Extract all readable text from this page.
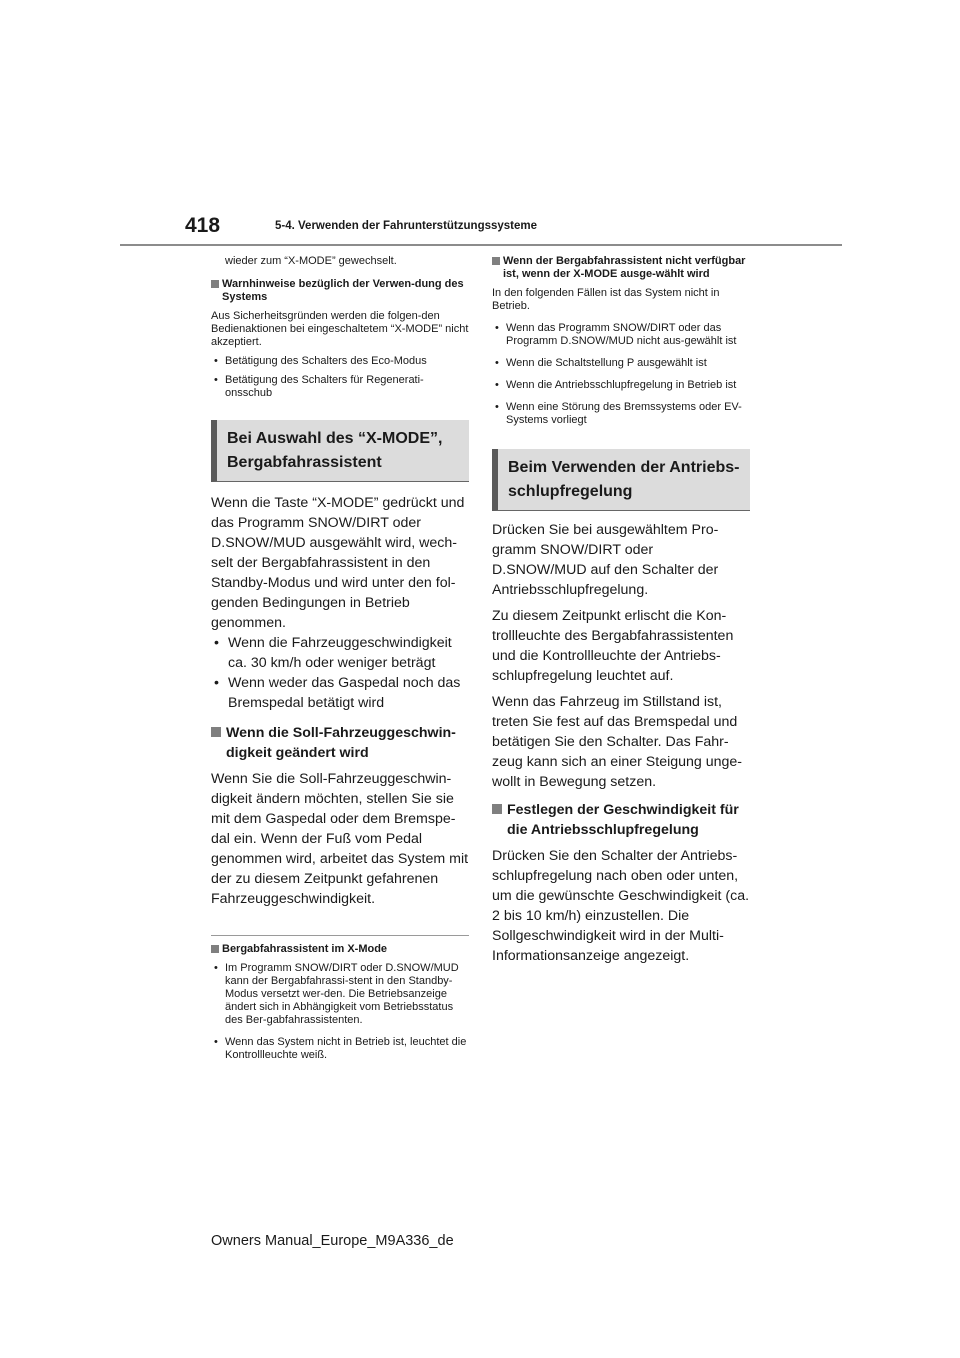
418	5-4. Verwenden der Fahrunterstützungssysteme
wieder zum “X-MODE” gewechselt.
Warnhinweise bezüglich der Verwen-dung des Systems
Aus Sicherheitsgründen werden die folgen-den Bedienaktionen bei eingeschaltetem “X-MODE” nicht akzeptiert.
• Betätigung des Schalters des Eco-Modus
• Betätigung des Schalters für Regenerati-onsschub
Bei Auswahl des “X-MODE”, Bergabfahrassistent
Wenn die Taste “X-MODE” gedrückt und das Programm SNOW/DIRT oder D.SNOW/MUD ausgewählt wird, wech-selt der Bergabfahrassistent in den Standby-Modus und wird unter den fol-genden Bedingungen in Betrieb genommen.
• Wenn die Fahrzeuggeschwindigkeit ca. 30 km/h oder weniger beträgt
• Wenn weder das Gaspedal noch das Bremspedal betätigt wird
Wenn die Soll-Fahrzeuggeschwin-digkeit geändert wird
Wenn Sie die Soll-Fahrzeuggeschwin-digkeit ändern möchten, stellen Sie sie mit dem Gaspedal oder dem Bremspe-dal ein. Wenn der Fuß vom Pedal genommen wird, arbeitet das System mit der zu diesem Zeitpunkt gefahrenen Fahrzeuggeschwindigkeit.
Bergabfahrassistent im X-Mode
• Im Programm SNOW/DIRT oder D.SNOW/MUD kann der Bergabfahrassi-stent in den Standby-Modus versetzt wer-den. Die Betriebsanzeige ändert sich in Abhängigkeit vom Betriebsstatus des Ber-gabfahrassistenten.
• Wenn das System nicht in Betrieb ist, leuchtet die Kontrollleuchte weiß.
Wenn der Bergabfahrassistent nicht verfügbar ist, wenn der X-MODE ausge-wählt wird
In den folgenden Fällen ist das System nicht in Betrieb.
• Wenn das Programm SNOW/DIRT oder das Programm D.SNOW/MUD nicht aus-gewählt ist
• Wenn die Schaltstellung P ausgewählt ist
• Wenn die Antriebsschlupfregelung in Betrieb ist
• Wenn eine Störung des Bremssystems oder EV-Systems vorliegt
Beim Verwenden der Antriebs-schlupfregelung
Drücken Sie bei ausgewähltem Pro-gramm SNOW/DIRT oder D.SNOW/MUD auf den Schalter der Antriebsschlupfregelung.
Zu diesem Zeitpunkt erlischt die Kon-trollleuchte des Bergabfahrassistenten und die Kontrollleuchte der Antriebs-schlupfregelung leuchtet auf.
Wenn das Fahrzeug im Stillstand ist, treten Sie fest auf das Bremspedal und betätigen Sie den Schalter. Das Fahr-zeug kann sich an einer Steigung unge-wollt in Bewegung setzen.
Festlegen der Geschwindigkeit für die Antriebsschlupfregelung
Drücken Sie den Schalter der Antriebs-schlupfregelung nach oben oder unten, um die gewünschte Geschwindigkeit (ca. 2 bis 10 km/h) einzustellen. Die Sollgeschwindigkeit wird in der Multi-Informationsanzeige angezeigt.
Owners Manual_Europe_M9A336_de
